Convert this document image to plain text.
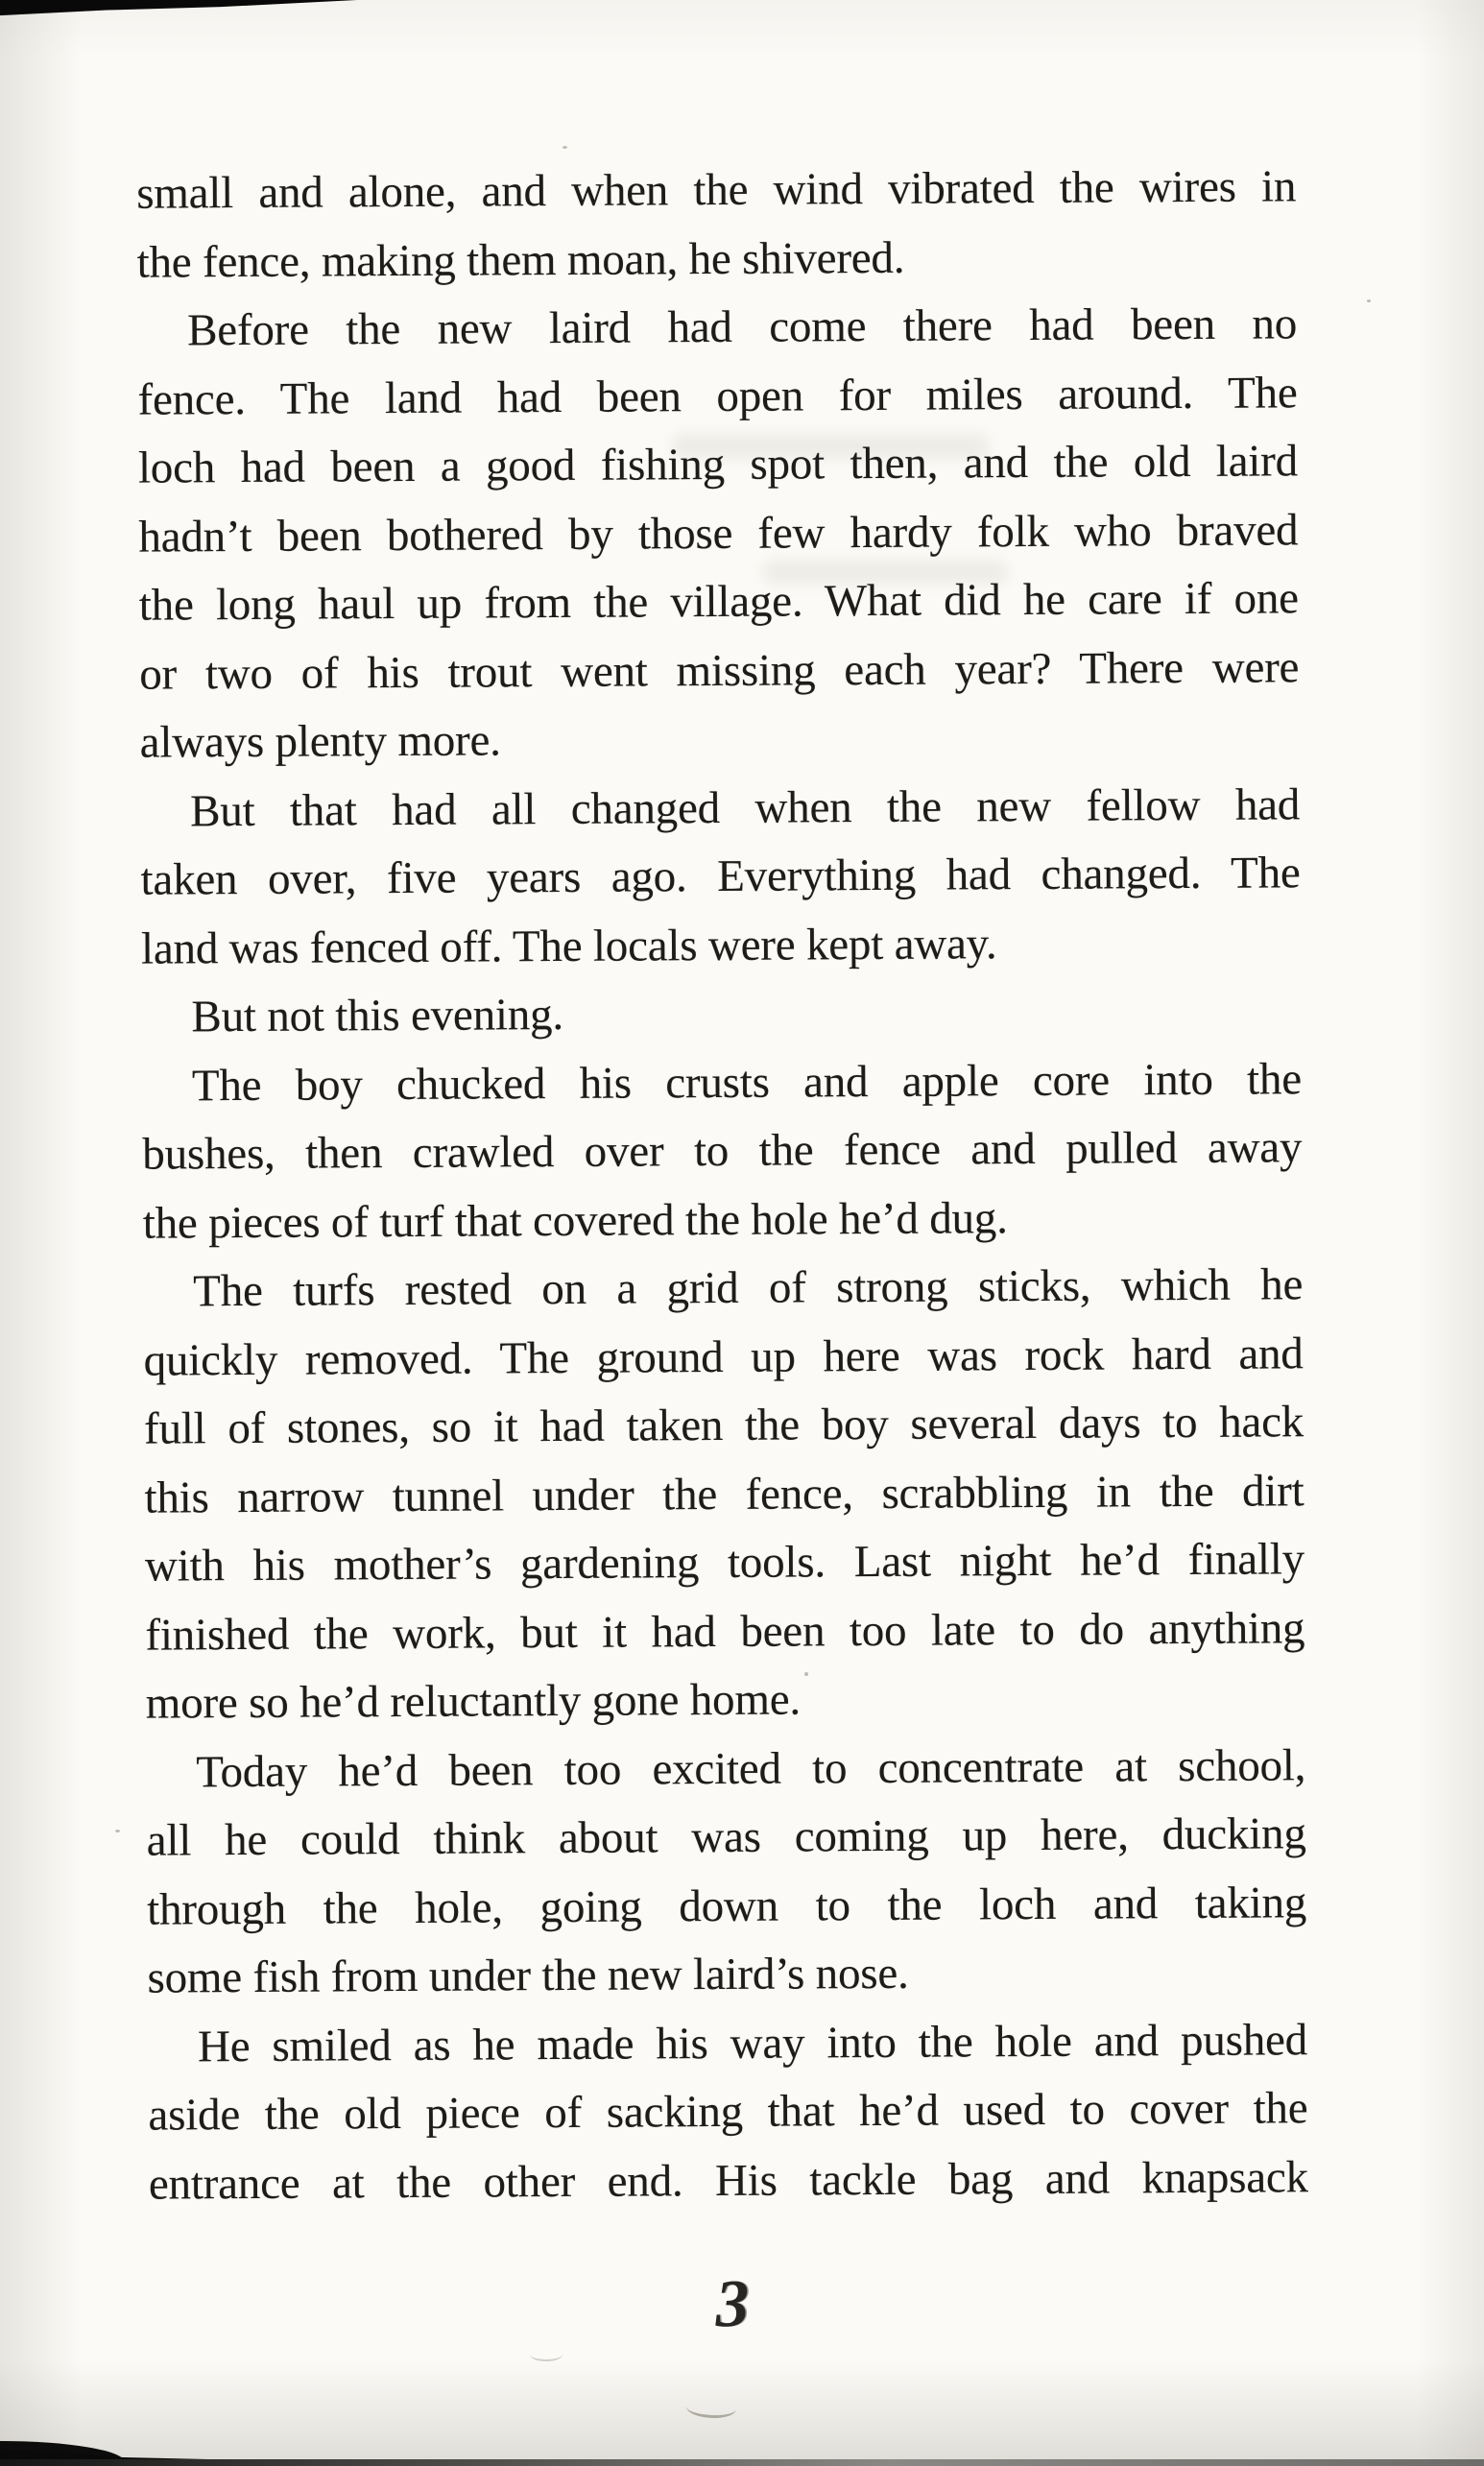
small and alone, and when the wind vibrated the wires in
the fence, making them moan, he shivered.
Before the new laird had come there had been no
fence. The land had been open for miles around. The
loch had been a good fishing spot then, and the old laird
hadn’t been bothered by those few hardy folk who braved
the long haul up from the village. What did he care if one
or two of his trout went missing each year? There were
always plenty more.
But that had all changed when the new fellow had
taken over, five years ago. Everything had changed. The
land was fenced off. The locals were kept away.
But not this evening.
The boy chucked his crusts and apple core into the
bushes, then crawled over to the fence and pulled away
the pieces of turf that covered the hole he’d dug.
The turfs rested on a grid of strong sticks, which he
quickly removed. The ground up here was rock hard and
full of stones, so it had taken the boy several days to hack
this narrow tunnel under the fence, scrabbling in the dirt
with his mother’s gardening tools. Last night he’d finally
finished the work, but it had been too late to do anything
more so he’d reluctantly gone home.
Today he’d been too excited to concentrate at school,
all he could think about was coming up here, ducking
through the hole, going down to the loch and taking
some fish from under the new laird’s nose.
He smiled as he made his way into the hole and pushed
aside the old piece of sacking that he’d used to cover the
entrance at the other end. His tackle bag and knapsack
3
